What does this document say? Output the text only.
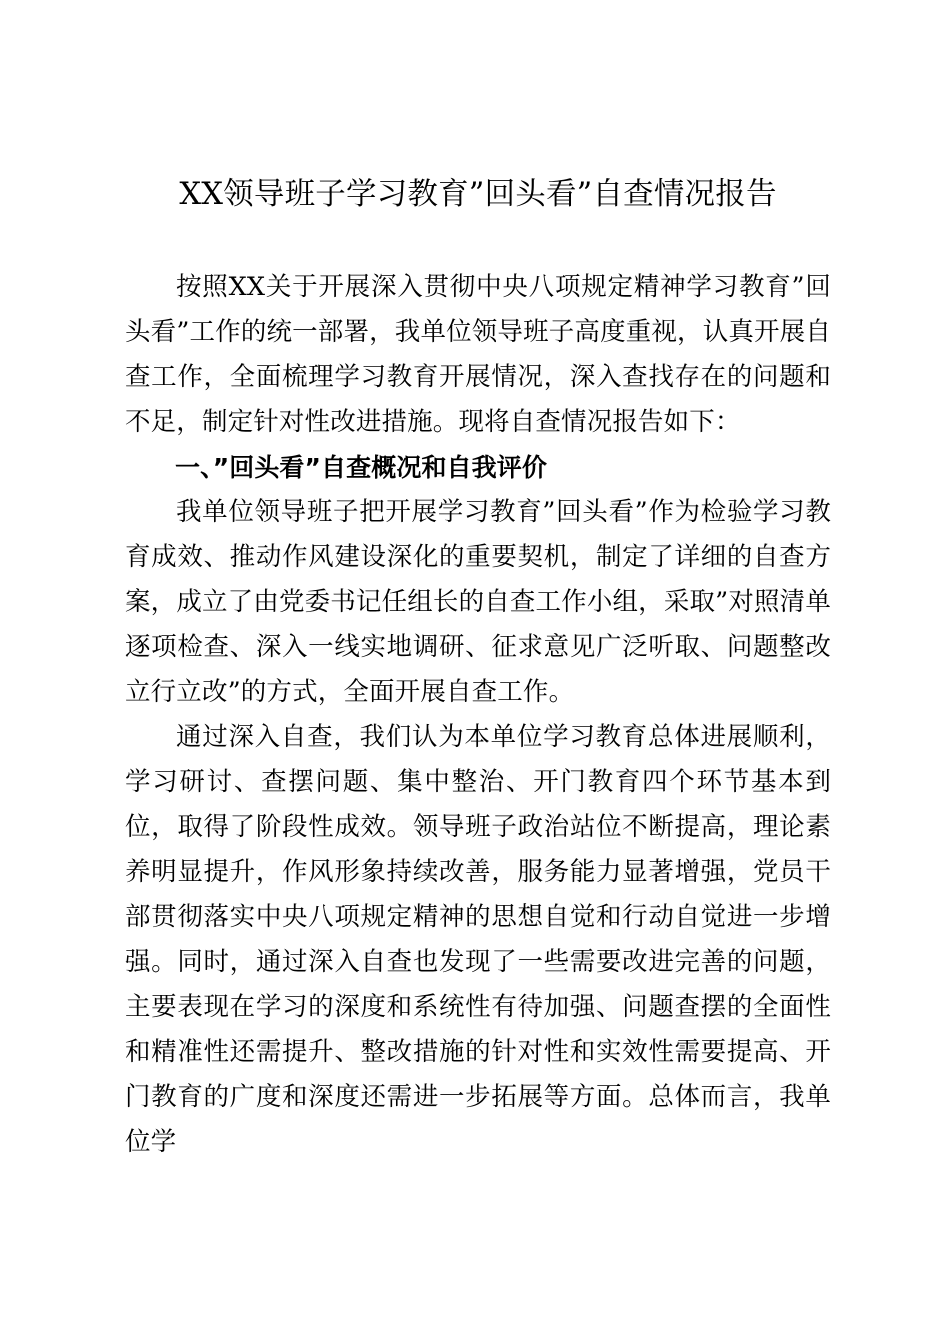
XX领导班子学习教育”回头看”自查情况报告

按照XX关于开展深入贯彻中央八项规定精神学习教育”回头看”工作的统一部署，我单位领导班子高度重视，认真开展自查工作，全面梳理学习教育开展情况，深入查找存在的问题和不足，制定针对性改进措施。现将自查情况报告如下：

一、”回头看”自查概况和自我评价

我单位领导班子把开展学习教育”回头看”作为检验学习教育成效、推动作风建设深化的重要契机，制定了详细的自查方案，成立了由党委书记任组长的自查工作小组，采取”对照清单逐项检查、深入一线实地调研、征求意见广泛听取、问题整改立行立改”的方式，全面开展自查工作。

通过深入自查，我们认为本单位学习教育总体进展顺利，学习研讨、查摆问题、集中整治、开门教育四个环节基本到位，取得了阶段性成效。领导班子政治站位不断提高，理论素养明显提升，作风形象持续改善，服务能力显著增强，党员干部贯彻落实中央八项规定精神的思想自觉和行动自觉进一步增强。同时，通过深入自查也发现了一些需要改进完善的问题，主要表现在学习的深度和系统性有待加强、问题查摆的全面性和精准性还需提升、整改措施的针对性和实效性需要提高、开门教育的广度和深度还需进一步拓展等方面。总体而言，我单位学
